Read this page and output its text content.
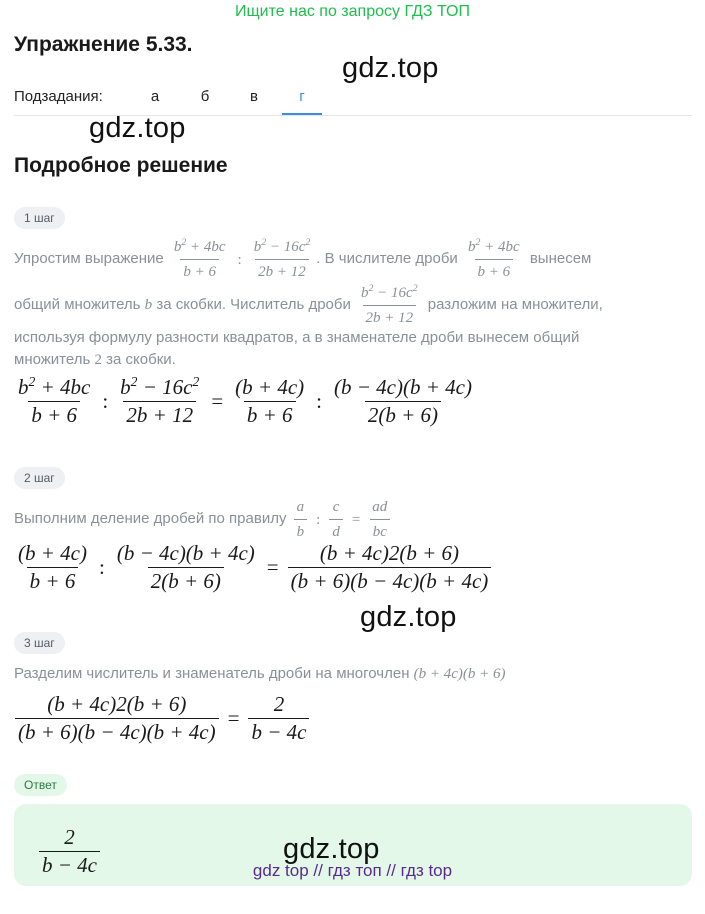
Ищите нас по запросу ГДЗ ТОП
Упражнение 5.33.
gdz.top
Подзадания:	а	б	в	г
gdz.top
Подробное решение
1 шаг
Упростим выражение $\frac{b^2 + 4bc}{b + 6}$ : $\frac{b^2 - 16c^2}{2b + 12}$ . В числителе дроби $\frac{b^2 + 4bc}{b + 6}$ вынесем
общий множитель b за скобки. Числитель дроби $\frac{b^2 - 16c^2}{2b + 12}$ разложим на множители,
используя формулу разности квадратов, а в знаменателе дроби вынесем общий
множитель 2 за скобки.
$\frac{b^2 + 4bc}{b + 6}$ : $\frac{b^2 - 16c^2}{2b + 12} = \frac{(b + 4c)}{b + 6}$ : $\frac{(b - 4c)(b + 4c)}{2(b + 6)}$
2 шаг
Выполним деление дробей по правилу $\frac{a}{b}$ : $\frac{c}{d} = \frac{ad}{bc}$
$\frac{(b + 4c)}{b + 6}$ : $\frac{(b - 4c)(b + 4c)}{2(b + 6)} = \frac{(b + 4c)2(b + 6)}{(b + 6)(b - 4c)(b + 4c)}$
gdz.top
3 шаг
Разделим числитель и знаменатель дроби на многочлен (b + 4c)(b + 6)
$\frac{(b + 4c)2(b + 6)}{(b + 6)(b - 4c)(b + 4c)} = \frac{2}{b - 4c}$
Ответ
$\frac{2}{b - 4c}$	gdz.top
gdz top // гдз топ // гдз top
